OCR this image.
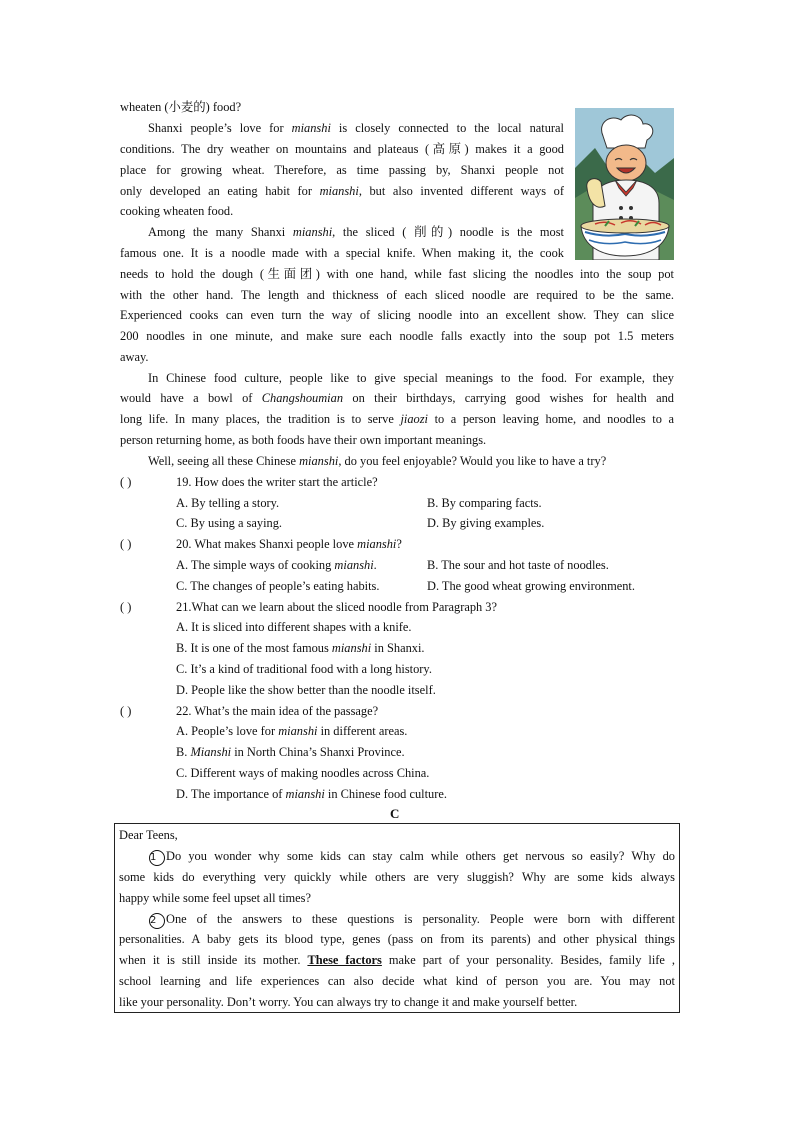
wheaten (小麦的) food?
Shanxi people’s love for mianshi is closely connected to the local natural
conditions. The dry weather on mountains and plateaus (高原) makes it a good
place for growing wheat. Therefore, as time passing by, Shanxi people not
only developed an eating habit for mianshi, but also invented different ways of
cooking wheaten food.
Among the many Shanxi mianshi, the sliced ( 削的) noodle is the most
famous one. It is a noodle made with a special knife. When making it, the cook
needs to hold the dough (生面团) with one hand, while fast slicing the noodles into the soup pot
with the other hand. The length and thickness of each sliced noodle are required to be the same.
Experienced cooks can even turn the way of slicing noodle into an excellent show. They can slice
200 noodles in one minute, and make sure each noodle falls exactly into the soup pot 1.5 meters
away.
In Chinese food culture, people like to give special meanings to the food. For example, they
would have a bowl of Changshoumian on their birthdays, carrying good wishes for health and
long life. In many places, the tradition is to serve jiaozi to a person leaving home, and noodles to a
person returning home, as both foods have their own important meanings.
Well, seeing all these Chinese mianshi, do you feel enjoyable? Would you like to have a try?
( )	19. How does the writer start the article?
A. By telling a story.	B. By comparing facts.
C. By using a saying.	D. By giving examples.
( )	20. What makes Shanxi people love mianshi?
A. The simple ways of cooking mianshi.	B. The sour and hot taste of noodles.
C. The changes of people’s eating habits.	D. The good wheat growing environment.
( )	21.What can we learn about the sliced noodle from Paragraph 3?
A. It is sliced into different shapes with a knife.
B. It is one of the most famous mianshi in Shanxi.
C. It’s a kind of traditional food with a long history.
D. People like the show better than the noodle itself.
( )	22. What’s the main idea of the passage?
A. People’s love for mianshi in different areas.
B. Mianshi in North China’s Shanxi Province.
C. Different ways of making noodles across China.
D. The importance of mianshi in Chinese food culture.
C
Dear Teens,
1 Do you wonder why some kids can stay calm while others get nervous so easily? Why do
some kids do everything very quickly while others are very sluggish? Why are some kids always
happy while some feel upset all times?
2 One of the answers to these questions is personality. People were born with different
personalities. A baby gets its blood type, genes (pass on from its parents) and other physical things
when it is still inside its mother. These factors make part of your personality. Besides, family life ,
school learning and life experiences can also decide what kind of person you are. You may not
like your personality. Don’t worry. You can always try to change it and make yourself better.
